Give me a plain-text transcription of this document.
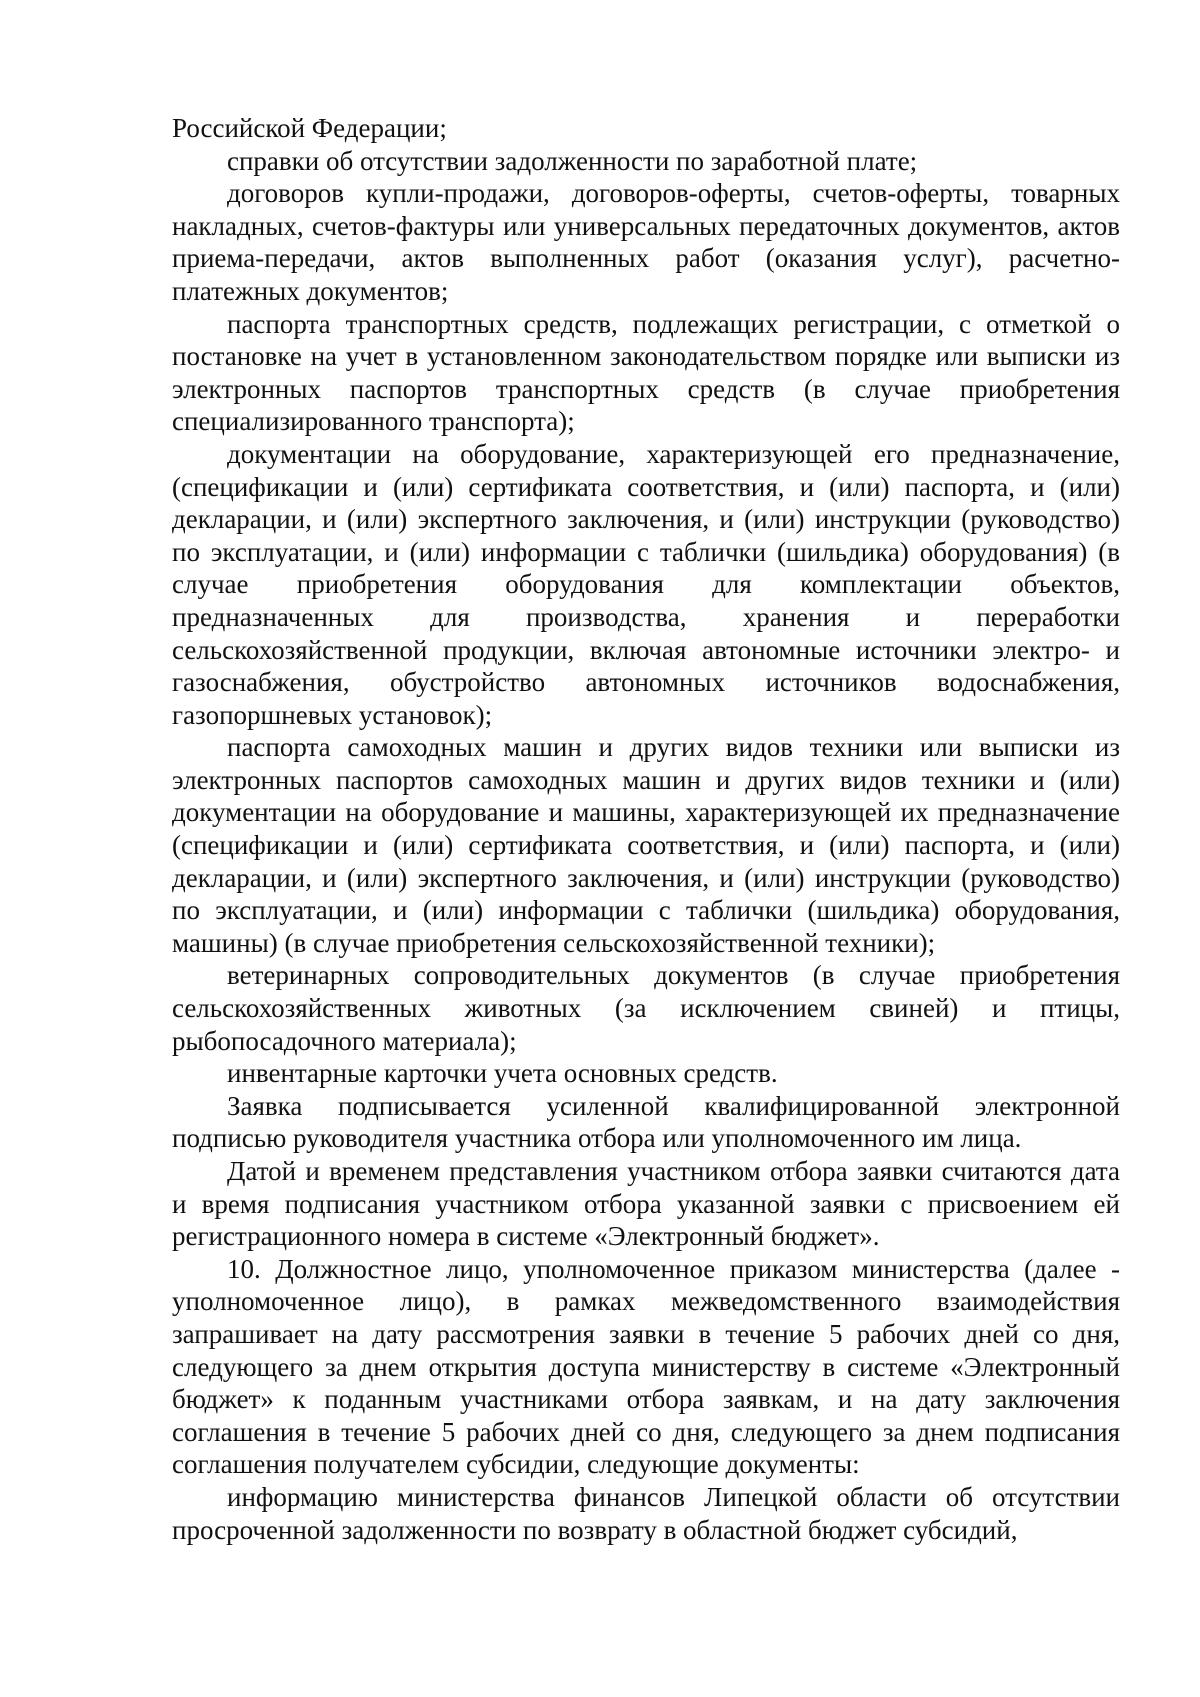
Российской Федерации;

справки об отсутствии задолженности по заработной плате;

договоров купли-продажи, договоров-оферты, счетов-оферты, товарных накладных, счетов-фактуры или универсальных передаточных документов, актов приема-передачи, актов выполненных работ (оказания услуг), расчетно-платежных документов;

паспорта транспортных средств, подлежащих регистрации, с отметкой о постановке на учет в установленном законодательством порядке или выписки из электронных паспортов транспортных средств (в случае приобретения специализированного транспорта);

документации на оборудование, характеризующей его предназначение, (спецификации и (или) сертификата соответствия, и (или) паспорта, и (или) декларации, и (или) экспертного заключения, и (или) инструкции (руководство) по эксплуатации, и (или) информации с таблички (шильдика) оборудования) (в случае приобретения оборудования для комплектации объектов, предназначенных для производства, хранения и переработки сельскохозяйственной продукции, включая автономные источники электро- и газоснабжения, обустройство автономных источников водоснабжения, газопоршневых установок);

паспорта самоходных машин и других видов техники или выписки из электронных паспортов самоходных машин и других видов техники и (или) документации на оборудование и машины, характеризующей их предназначение (спецификации и (или) сертификата соответствия, и (или) паспорта, и (или) декларации, и (или) экспертного заключения, и (или) инструкции (руководство) по эксплуатации, и (или) информации с таблички (шильдика) оборудования, машины) (в случае приобретения сельскохозяйственной техники);

ветеринарных сопроводительных документов (в случае приобретения сельскохозяйственных животных (за исключением свиней) и птицы, рыбопосадочного материала);

инвентарные карточки учета основных средств.

Заявка подписывается усиленной квалифицированной электронной подписью руководителя участника отбора или уполномоченного им лица.

Датой и временем представления участником отбора заявки считаются дата и время подписания участником отбора указанной заявки с присвоением ей регистрационного номера в системе «Электронный бюджет».

10. Должностное лицо, уполномоченное приказом министерства (далее - уполномоченное лицо), в рамках межведомственного взаимодействия запрашивает на дату рассмотрения заявки в течение 5 рабочих дней со дня, следующего за днем открытия доступа министерству в системе «Электронный бюджет» к поданным участниками отбора заявкам, и на дату заключения соглашения в течение 5 рабочих дней со дня, следующего за днем подписания соглашения получателем субсидии, следующие документы:

информацию министерства финансов Липецкой области об отсутствии просроченной задолженности по возврату в областной бюджет субсидий,
